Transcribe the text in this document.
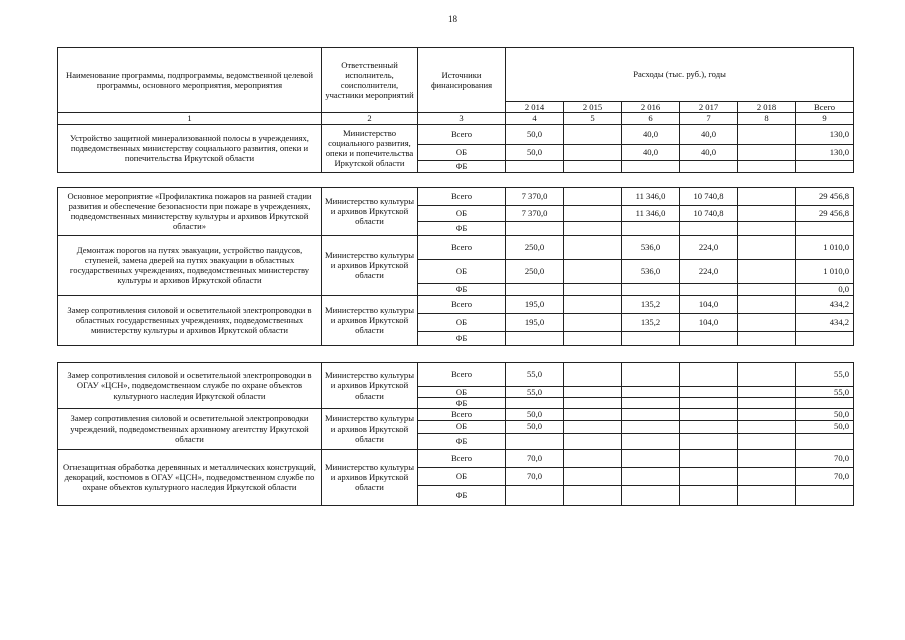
18
Наименование программы, подпрограммы, ведомственной целевой программы, основного мероприятия, мероприятия	Ответственный исполнитель, соисполнители, участники мероприятий	Источники финансирования	Расходы (тыс. руб.), годы					
			2 014	2 015	2 016	2 017	2 018	Всего
1	2	3	4	5	6	7	8	9
Устройство защитной минерализованной полосы в учреждениях, подведомственных министерству социального развития, опеки и попечительства Иркутской области	Министерство социального развития, опеки и попечительства Иркутской области	Всего	50,0		40,0	40,0		130,0
		ОБ	50,0		40,0	40,0		130,0
		ФБ						

Основное мероприятие «Профилактика пожаров на ранней стадии развития и обеспечение безопасности при пожаре в учреждениях, подведомственных министерству культуры и архивов Иркутской области»	Министерство культуры и архивов Иркутской области	Всего	7 370,0		11 346,0	10 740,8		29 456,8
		ОБ	7 370,0		11 346,0	10 740,8		29 456,8
		ФБ						
Демонтаж порогов на путях эвакуации, устройство пандусов, ступеней, замена дверей на путях эвакуации в областных государственных учреждениях, подведомственных министерству культуры и архивов Иркутской области	Министерство культуры и архивов Иркутской области	Всего	250,0		536,0	224,0		1 010,0
		ОБ	250,0		536,0	224,0		1 010,0
		ФБ						0,0
Замер сопротивления силовой и осветительной электропроводки в областных государственных учреждениях, подведомственных министерству культуры и архивов Иркутской области	Министерство культуры и архивов Иркутской области	Всего	195,0		135,2	104,0		434,2
		ОБ	195,0		135,2	104,0		434,2
		ФБ						

Замер сопротивления силовой и осветительной электропроводки в ОГАУ «ЦСН», подведомственном службе по охране объектов культурного наследия Иркутской области	Министерство культуры и архивов Иркутской области	Всего	55,0					55,0
		ОБ	55,0					55,0
		ФБ						
Замер сопротивления силовой и осветительной электропроводки учреждений, подведомственных архивному агентству Иркутской области	Министерство культуры и архивов Иркутской области	Всего	50,0					50,0
		ОБ	50,0					50,0
		ФБ						
Огнезащитная обработка деревянных и металлических конструкций, декораций, костюмов в ОГАУ «ЦСН», подведомственном службе по охране объектов культурного наследия Иркутской области	Министерство культуры и архивов Иркутской области	Всего	70,0					70,0
		ОБ	70,0					70,0
		ФБ						
